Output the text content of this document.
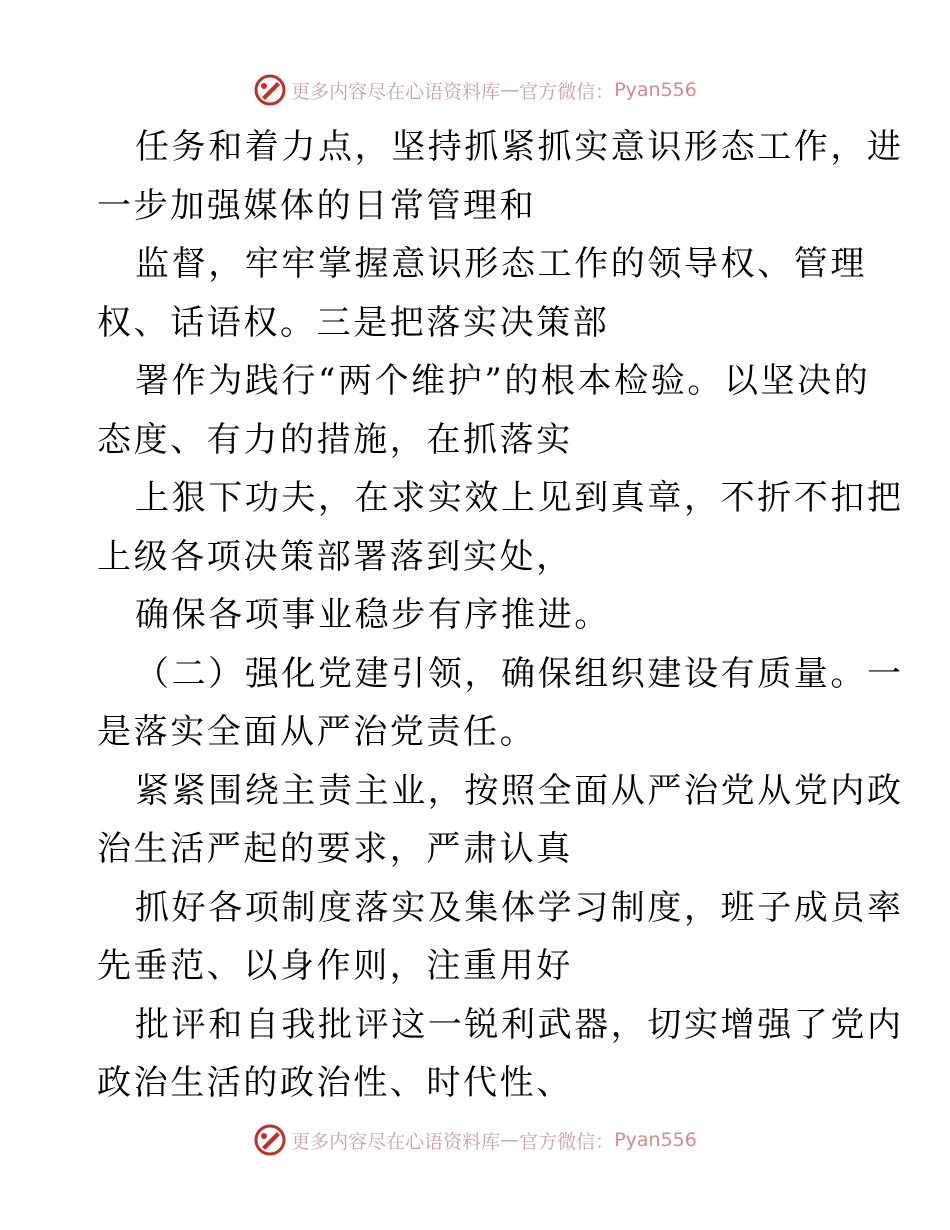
更多内容尽在心语资料库 — 官方微信： Pyan556
任务和着力点，坚持抓紧抓实意识形态工作，进
一步加强媒体的日常管理和
监督，牢牢掌握意识形态工作的领导权、管理
权、话语权。三是把落实决策部
署作为践行“两个维护”的根本检验。以坚决的
态度、有力的措施，在抓落实
上狠下功夫，在求实效上见到真章，不折不扣把
上级各项决策部署落到实处，
确保各项事业稳步有序推进。
（二）强化党建引领，确保组织建设有质量。一
是落实全面从严治党责任。
紧紧围绕主责主业，按照全面从严治党从党内政
治生活严起的要求，严肃认真
抓好各项制度落实及集体学习制度，班子成员率
先垂范、以身作则，注重用好
批评和自我批评这一锐利武器，切实增强了党内
政治生活的政治性、时代性、
更多内容尽在心语资料库 — 官方微信： Pyan556
